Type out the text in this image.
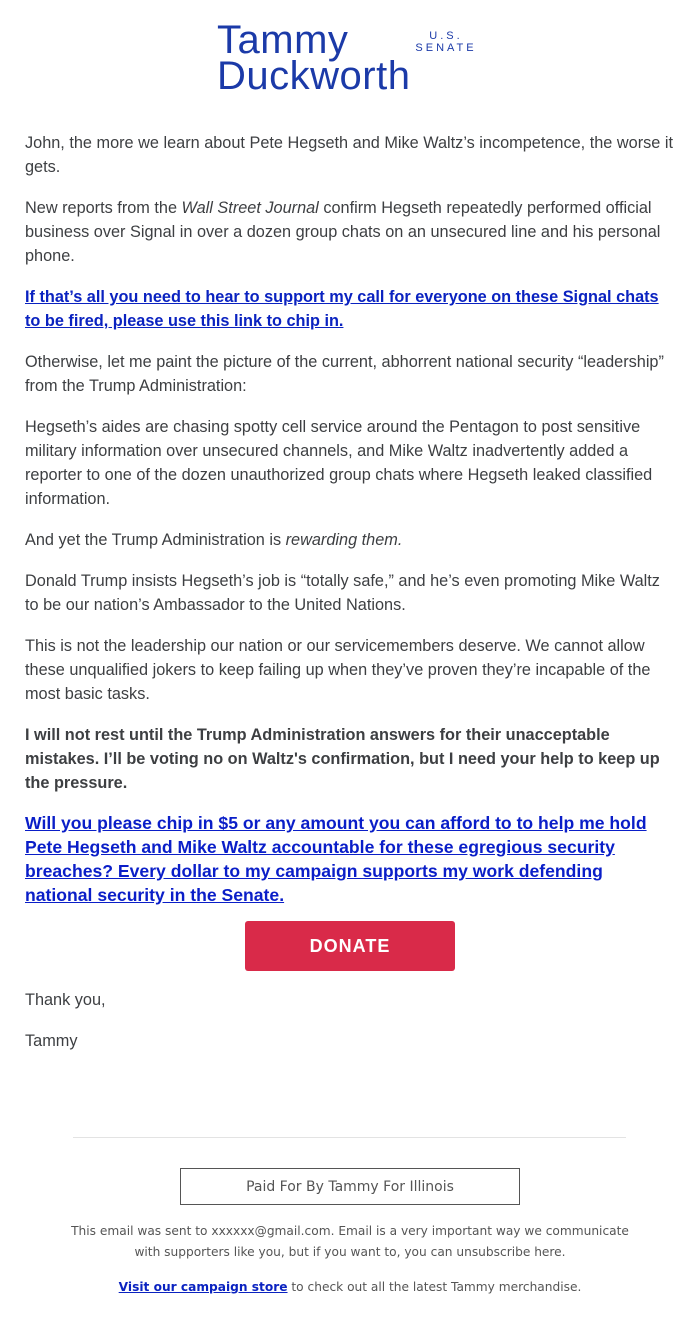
Tammy	U.S.
SENATE
Duckworth

John, the more we learn about Pete Hegseth and Mike Waltz’s incompetence, the worse it gets.

New reports from the Wall Street Journal confirm Hegseth repeatedly performed official business over Signal in over a dozen group chats on an unsecured line and his personal phone.

If that’s all you need to hear to support my call for everyone on these Signal chats to be fired, please use this link to chip in.

Otherwise, let me paint the picture of the current, abhorrent national security “leadership” from the Trump Administration:

Hegseth’s aides are chasing spotty cell service around the Pentagon to post sensitive military information over unsecured channels, and Mike Waltz inadvertently added a reporter to one of the dozen unauthorized group chats where Hegseth leaked classified information.

And yet the Trump Administration is rewarding them.

Donald Trump insists Hegseth’s job is “totally safe,” and he’s even promoting Mike Waltz to be our nation’s Ambassador to the United Nations.

This is not the leadership our nation or our servicemembers deserve. We cannot allow these unqualified jokers to keep failing up when they’ve proven they’re incapable of the most basic tasks.

I will not rest until the Trump Administration answers for their unacceptable mistakes. I’ll be voting no on Waltz's confirmation, but I need your help to keep up the pressure.

Will you please chip in $5 or any amount you can afford to to help me hold Pete Hegseth and Mike Waltz accountable for these egregious security breaches? Every dollar to my campaign supports my work defending national security in the Senate.

DONATE

Thank you,

Tammy

Paid For By Tammy For Illinois
This email was sent to xxxxxx@gmail.com. Email is a very important way we communicate with supporters like you, but if you want to, you can unsubscribe here.
Visit our campaign store to check out all the latest Tammy merchandise.
